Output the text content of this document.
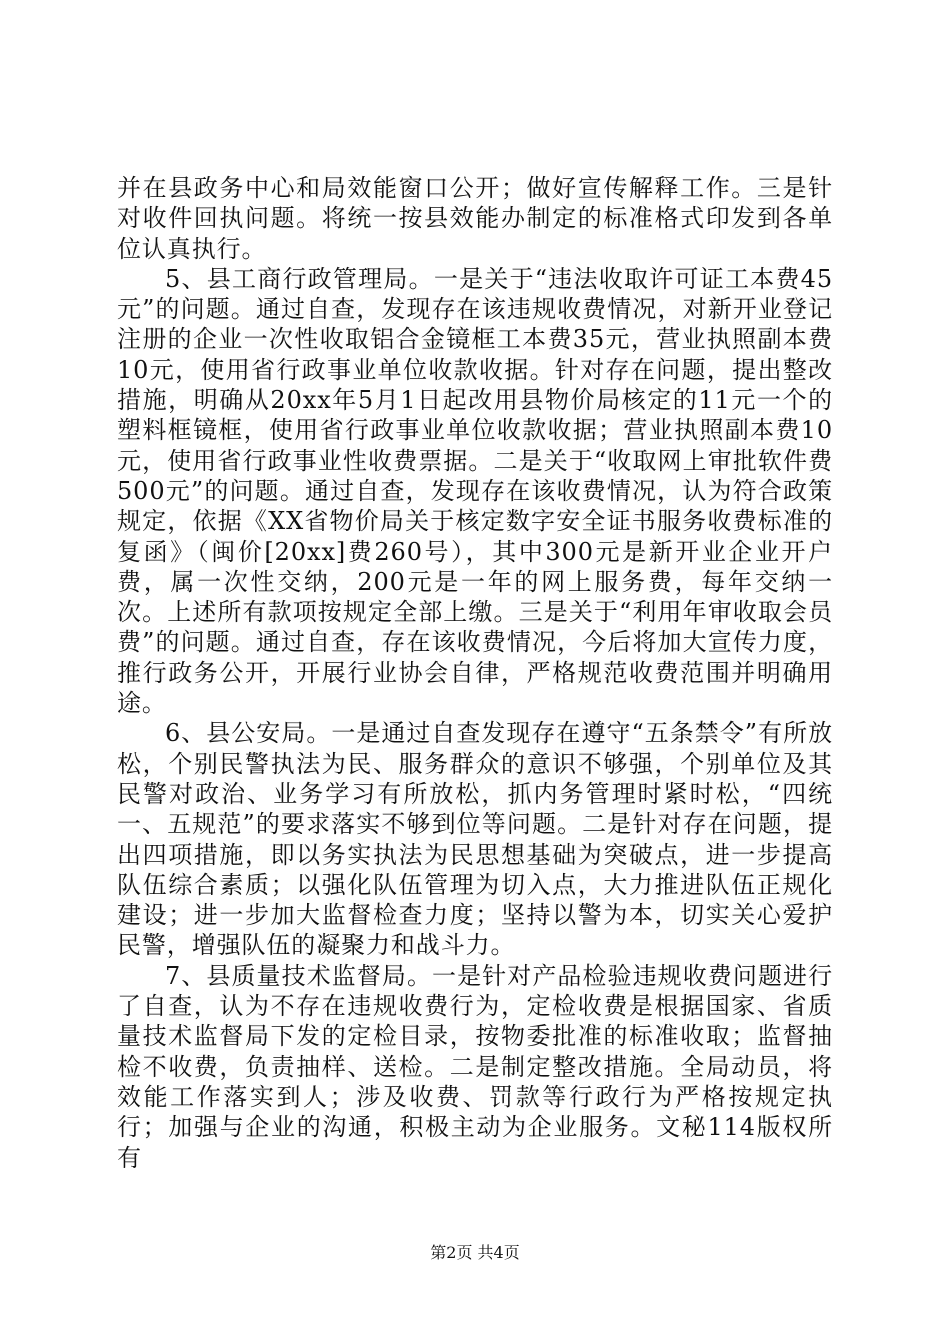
并在县政务中心和局效能窗口公开；做好宣传解释工作。三是针对收件回执问题。将统一按县效能办制定的标准格式印发到各单位认真执行。

5、县工商行政管理局。一是关于“违法收取许可证工本费45元”的问题。通过自查，发现存在该违规收费情况，对新开业登记注册的企业一次性收取铝合金镜框工本费35元，营业执照副本费10元，使用省行政事业单位收款收据。针对存在问题，提出整改措施，明确从20xx年5月1日起改用县物价局核定的11元一个的塑料框镜框，使用省行政事业单位收款收据；营业执照副本费10元，使用省行政事业性收费票据。二是关于“收取网上审批软件费500元”的问题。通过自查，发现存在该收费情况，认为符合政策规定，依据《XX省物价局关于核定数字安全证书服务收费标准的复函》（闽价[20xx]费260号），其中300元是新开业企业开户费，属一次性交纳，200元是一年的网上服务费，每年交纳一次。上述所有款项按规定全部上缴。三是关于“利用年审收取会员费”的问题。通过自查，存在该收费情况，今后将加大宣传力度，推行政务公开，开展行业协会自律，严格规范收费范围并明确用途。

6、县公安局。一是通过自查发现存在遵守“五条禁令”有所放松，个别民警执法为民、服务群众的意识不够强，个别单位及其民警对政治、业务学习有所放松，抓内务管理时紧时松，“四统一、五规范”的要求落实不够到位等问题。二是针对存在问题，提出四项措施，即以务实执法为民思想基础为突破点，进一步提高队伍综合素质；以强化队伍管理为切入点，大力推进队伍正规化建设；进一步加大监督检查力度；坚持以警为本，切实关心爱护民警，增强队伍的凝聚力和战斗力。

7、县质量技术监督局。一是针对产品检验违规收费问题进行了自查，认为不存在违规收费行为，定检收费是根据国家、省质量技术监督局下发的定检目录，按物委批准的标准收取；监督抽检不收费，负责抽样、送检。二是制定整改措施。全局动员，将效能工作落实到人；涉及收费、罚款等行政行为严格按规定执行；加强与企业的沟通，积极主动为企业服务。文秘114版权所有

第2页 共4页
